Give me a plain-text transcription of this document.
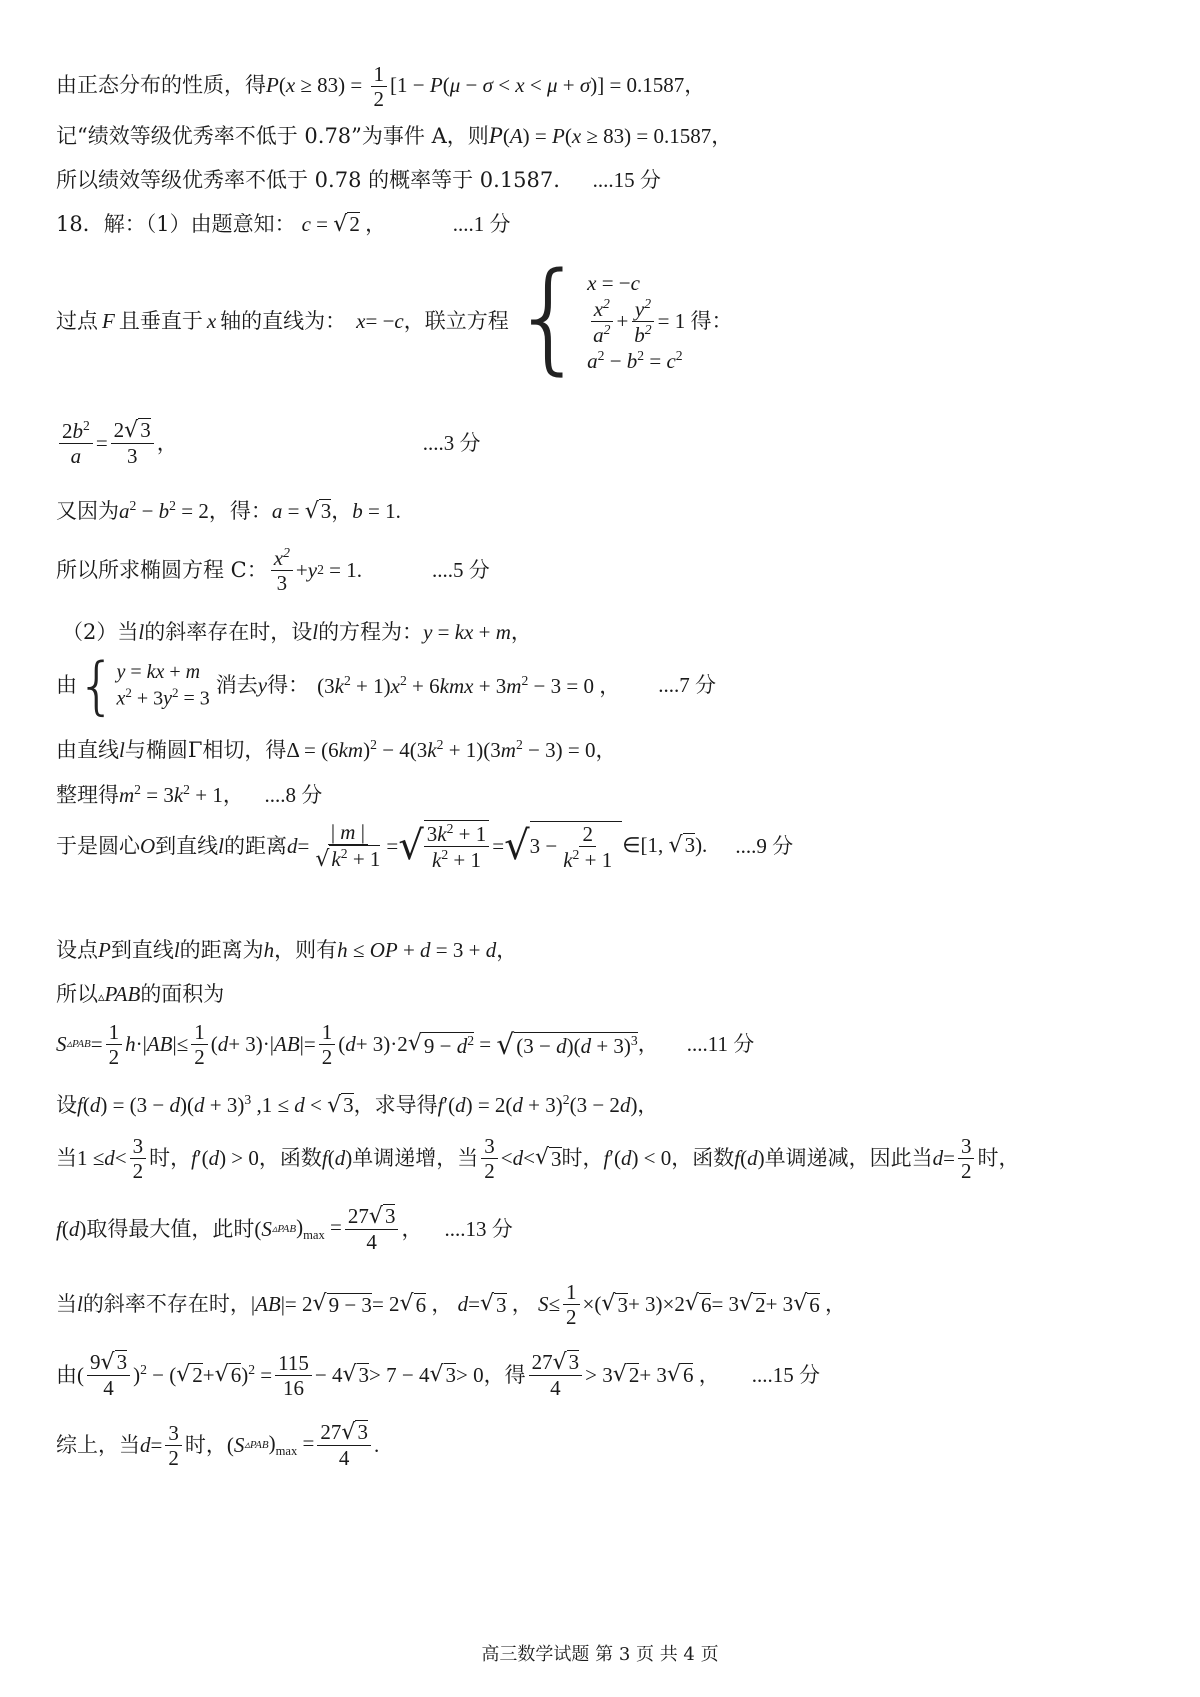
由正态分布的性质，得$P(x \ge 83) = \frac{1}{2} [1 - P(\mu - \sigma < x < \mu + \sigma)] = 0.1587$，
记“绩效等级优秀率不低于 0.78”为事件 A，则P(A) = P(x ≥ 83) = 0.1587，
所以绩效等级优秀率不低于 0.78 的概率等于 0.1587. ....15 分
18．解：（1）由题意知： c = √2 ，	....1 分
过点 F 且垂直于 x 轴的直线为： x = − c ，联立方程 { x = −c
$\frac{x^2}{a^2} + \frac{y^2}{b^2} = 1$
得：
$a^2 - b^2 = c^2$
$\frac{2b^2}{a} = \frac{2√3}{3}$ ，	....3 分
又因为$a^2 - b^2 = 2$，得：a = √3，b = 1.
所以所求椭圆方程 C： $\frac{x^2}{3} + y$ 2 = 1.	....5 分
（2）当l的斜率存在时，设l的方程为：y = kx + m，
由 { y = kx + m
$x^2 + 3y^2 = 3$
消去 y 得： $(3k^2 + 1)x^2 + 6kmx + 3m^2 - 3 = 0$ ， ....7 分
由直线l与椭圆Γ相切，得$\Delta = (6km)^2 - 4(3k^2 + 1)(3m^2 - 3) = 0$，
整理得$m^2 = 3k^2 + 1$， ....8 分
于是圆心 O 到直线 l 的距离 $d = \frac{| m |}{√k^2 + 1}$ = √ $\frac{3k^2 + 1}{k^2 + 1}$ = √ $3 - \frac{2}{k^2 + 1}$ ∈[1, √3). ....9 分
设点P到直线l的距离为h，则有h ≤ OP + d = 3 + d，
所以▵PAB的面积为
S ▵PAB = $\frac{1}{2}$ h ·| AB |≤ $\frac{1}{2}$ ( d + 3)·| AB |= $\frac{1}{2}$ ( d + 3)·2 √ $9 - d^2$ = √ $(3 - d)(d + 3)^3$ ， ....11 分
设$f(d) = (3 - d)(d + 3)^3$ ,1 ≤ d < √3，求导得$f'(d) = 2(d + 3)^2(3 - 2d)$，
当 $1 \le d < \frac{3}{2}$ 时， f ′( d ) > 0 ，函数 f ( d ) 单调递增，当 $\frac{3}{2} < d$ < √ 3 时， f ′( d ) < 0 ，函数 f ( d ) 单调递减，因此当 $d = \frac{3}{2}$ 时，
f ( d ) 取得最大值，此时 ( S ▵PAB )$_{max} = \frac{27√3}{4}$ ， ....13 分
当 l 的斜率不存在时， | AB |= 2 √ 9 − 3 = 2 √ 6 ， d = √ 3 ， $S \le \frac{1}{2}$ ×( √ 3 + 3)×2 √ 6 = 3 √ 2 + 3 √ 6 ，
由 ( $\frac{9√3}{4} )^2$ − ( √ 2 + √ 6 )$^2 = \frac{115}{16} - 4$ √ 3 > 7 − 4 √ 3 > 0 ，得 $\frac{27√3}{4} > 3$ √ 2 + 3 √ 6 ， ....15 分
综上，当 $d = \frac{3}{2}$ 时， ( S ▵PAB )$_{max} = \frac{27√3}{4}$ .
高三数学试题 第 3 页 共 4 页
